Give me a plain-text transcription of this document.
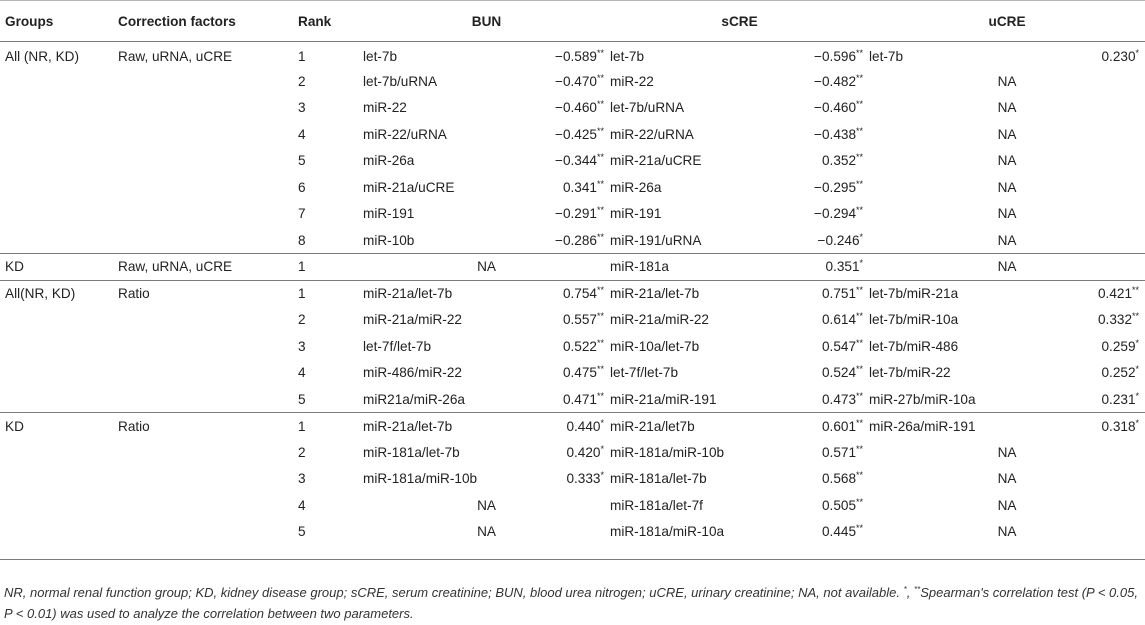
Groups	Correction factors	Rank	BUN		sCRE		uCRE	
All (NR, KD)	Raw, uRNA, uCRE	1	let-7b	−0.589**	let-7b	−0.596**	let-7b	0.230*
		2	let-7b/uRNA	−0.470**	miR-22	−0.482**	NA	
		3	miR-22	−0.460**	let-7b/uRNA	−0.460**	NA	
		4	miR-22/uRNA	−0.425**	miR-22/uRNA	−0.438**	NA	
		5	miR-26a	−0.344**	miR-21a/uCRE	0.352**	NA	
		6	miR-21a/uCRE	0.341**	miR-26a	−0.295**	NA	
		7	miR-191	−0.291**	miR-191	−0.294**	NA	
		8	miR-10b	−0.286**	miR-191/uRNA	−0.246*	NA	
KD	Raw, uRNA, uCRE	1	NA		miR-181a	0.351*	NA	
All(NR, KD)	Ratio	1	miR-21a/let-7b	0.754**	miR-21a/let-7b	0.751**	let-7b/miR-21a	0.421**
		2	miR-21a/miR-22	0.557**	miR-21a/miR-22	0.614**	let-7b/miR-10a	0.332**
		3	let-7f/let-7b	0.522**	miR-10a/let-7b	0.547**	let-7b/miR-486	0.259*
		4	miR-486/miR-22	0.475**	let-7f/let-7b	0.524**	let-7b/miR-22	0.252*
		5	miR21a/miR-26a	0.471**	miR-21a/miR-191	0.473**	miR-27b/miR-10a	0.231*
KD	Ratio	1	miR-21a/let-7b	0.440*	miR-21a/let7b	0.601**	miR-26a/miR-191	0.318*
		2	miR-181a/let-7b	0.420*	miR-181a/miR-10b	0.571**	NA	
		3	miR-181a/miR-10b	0.333*	miR-181a/let-7b	0.568**	NA	
		4	NA		miR-181a/let-7f	0.505**	NA	
		5	NA		miR-181a/miR-10a	0.445**	NA	

NR, normal renal function group; KD, kidney disease group; sCRE, serum creatinine; BUN, blood urea nitrogen; uCRE, urinary creatinine; NA, not available. *, **Spearman's correlation test (P < 0.05, P < 0.01) was used to analyze the correlation between two parameters.
